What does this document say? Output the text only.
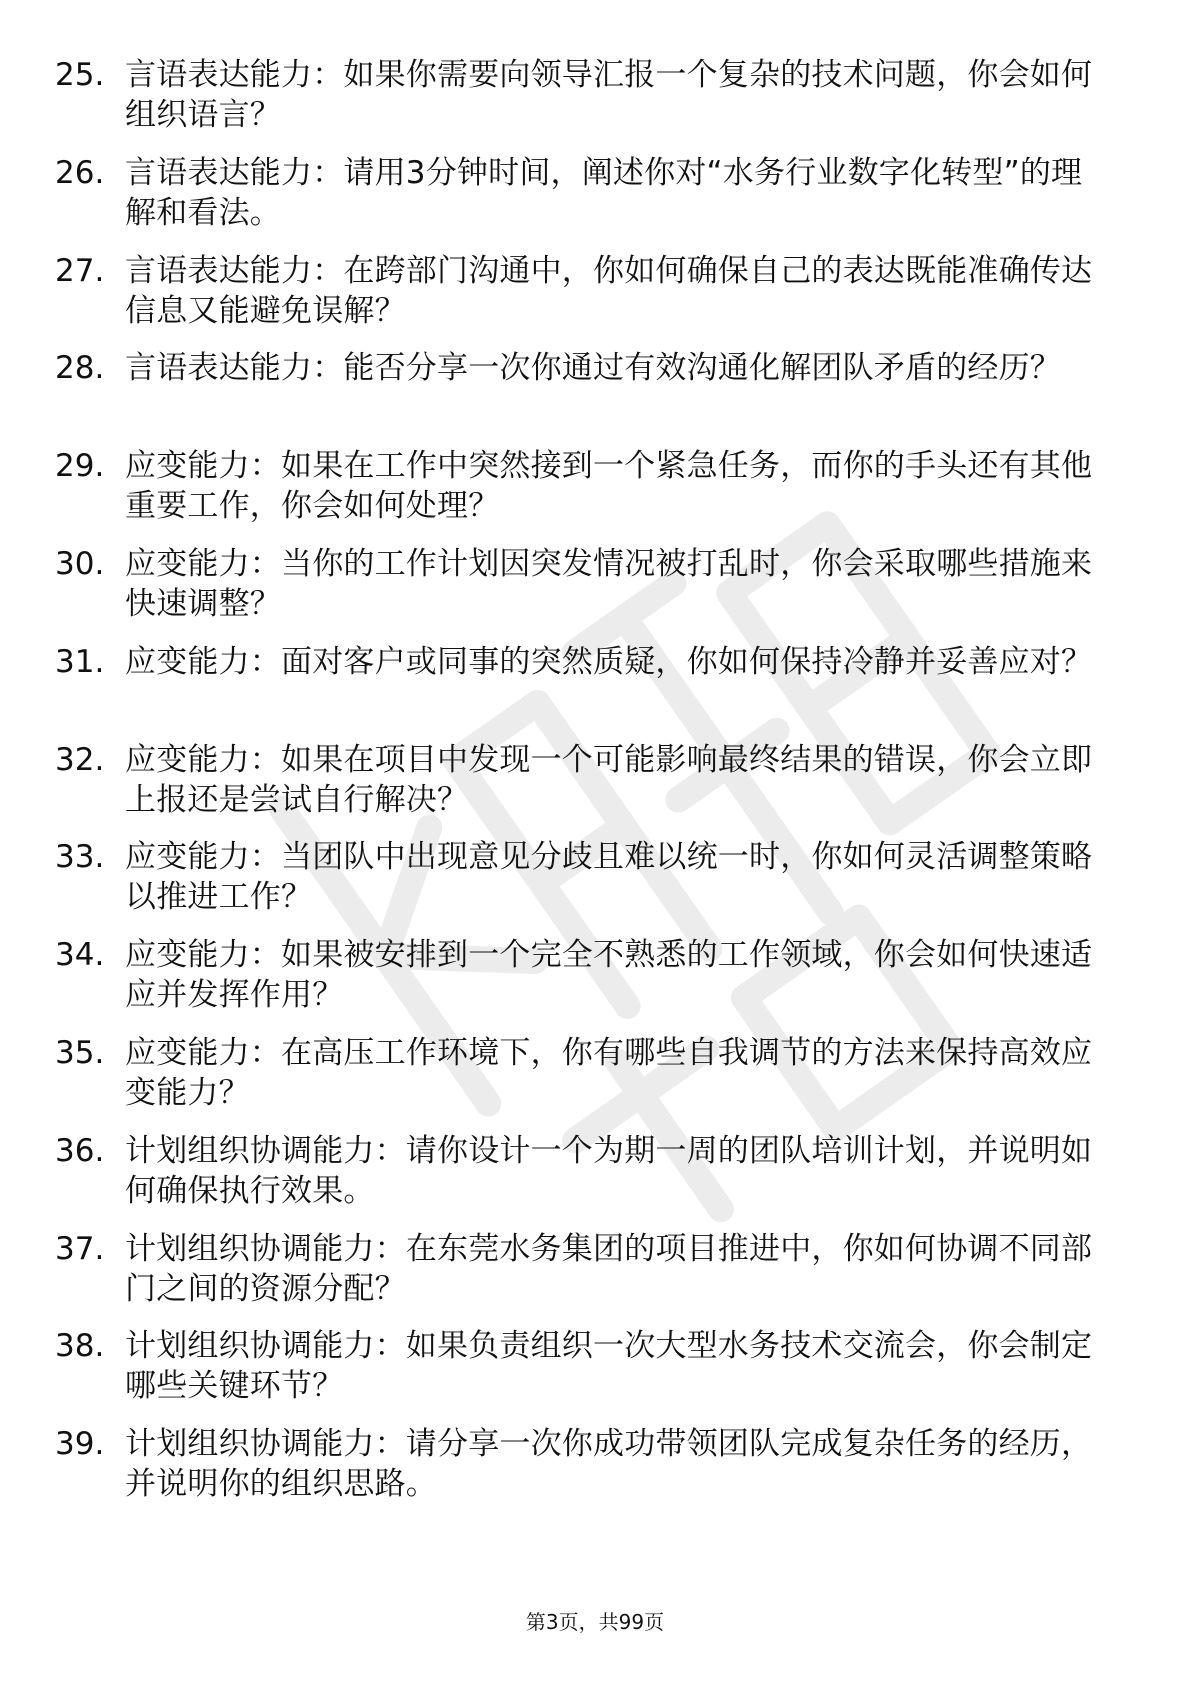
25. 言语表达能力：如果你需要向领导汇报一个复杂的技术问题，你会如何组织语言？
26. 言语表达能力：请用3分钟时间，阐述你对“水务行业数字化转型”的理解和看法。
27. 言语表达能力：在跨部门沟通中，你如何确保自己的表达既能准确传达信息又能避免误解？
28. 言语表达能力：能否分享一次你通过有效沟通化解团队矛盾的经历？
29. 应变能力：如果在工作中突然接到一个紧急任务，而你的手头还有其他重要工作，你会如何处理？
30. 应变能力：当你的工作计划因突发情况被打乱时，你会采取哪些措施来快速调整？
31. 应变能力：面对客户或同事的突然质疑，你如何保持冷静并妥善应对？
32. 应变能力：如果在项目中发现一个可能影响最终结果的错误，你会立即上报还是尝试自行解决？
33. 应变能力：当团队中出现意见分歧且难以统一时，你如何灵活调整策略以推进工作？
34. 应变能力：如果被安排到一个完全不熟悉的工作领域，你会如何快速适应并发挥作用？
35. 应变能力：在高压工作环境下，你有哪些自我调节的方法来保持高效应变能力？
36. 计划组织协调能力：请你设计一个为期一周的团队培训计划，并说明如何确保执行效果。
37. 计划组织协调能力：在东莞水务集团的项目推进中，你如何协调不同部门之间的资源分配？
38. 计划组织协调能力：如果负责组织一次大型水务技术交流会，你会制定哪些关键环节？
39. 计划组织协调能力：请分享一次你成功带领团队完成复杂任务的经历，并说明你的组织思路。
第3页，共99页
